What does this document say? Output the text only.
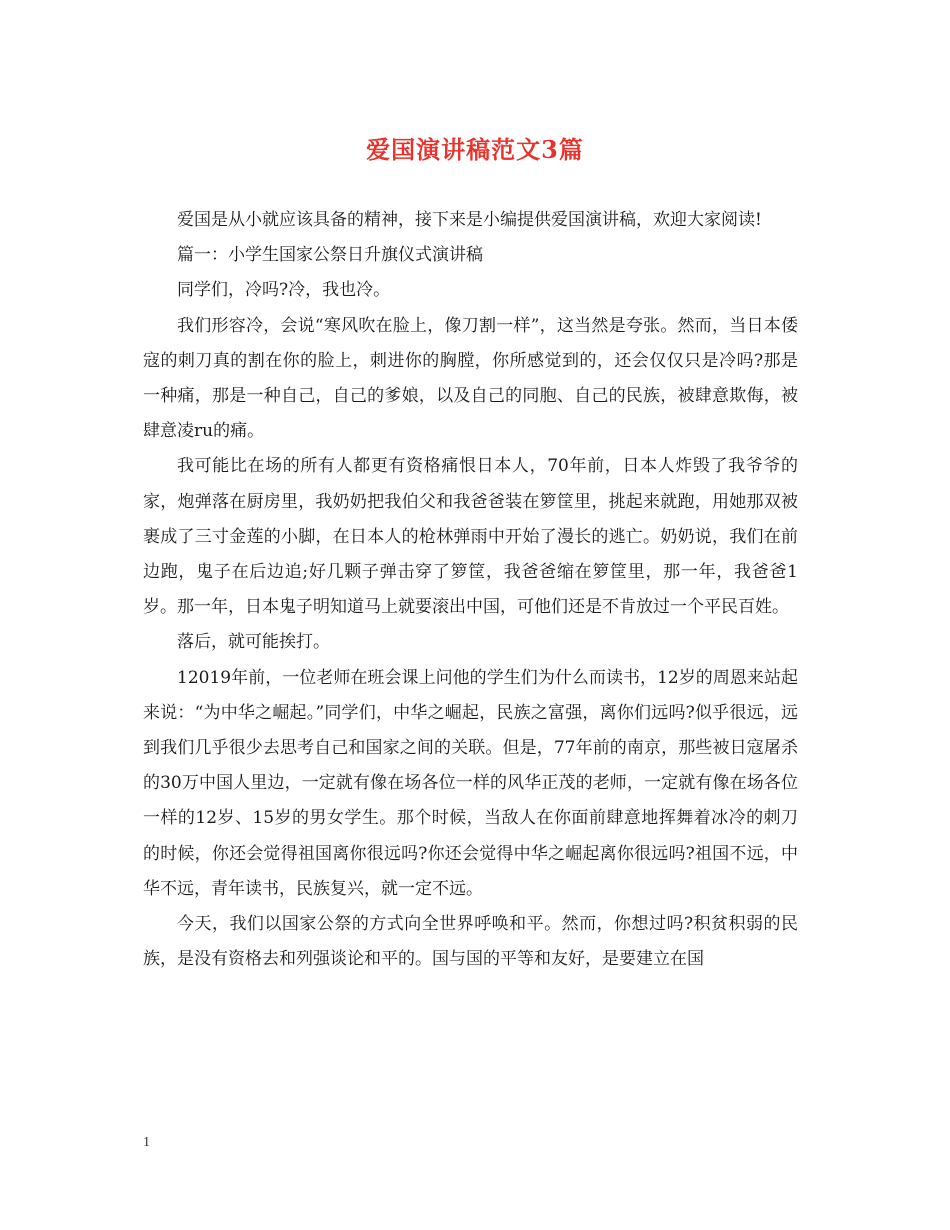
爱国演讲稿范文3篇

爱国是从小就应该具备的精神，接下来是小编提供爱国演讲稿，欢迎大家阅读!

篇一：小学生国家公祭日升旗仪式演讲稿

同学们，冷吗?冷，我也冷。

我们形容冷，会说“寒风吹在脸上，像刀割一样”，这当然是夸张。然而，当日本倭寇的刺刀真的割在你的脸上，刺进你的胸膛，你所感觉到的，还会仅仅只是冷吗?那是一种痛，那是一种自己，自己的爹娘，以及自己的同胞、自己的民族，被肆意欺侮，被肆意凌ru的痛。

我可能比在场的所有人都更有资格痛恨日本人，70年前，日本人炸毁了我爷爷的家，炮弹落在厨房里，我奶奶把我伯父和我爸爸装在箩筐里，挑起来就跑，用她那双被裹成了三寸金莲的小脚，在日本人的枪林弹雨中开始了漫长的逃亡。奶奶说，我们在前边跑，鬼子在后边追;好几颗子弹击穿了箩筐，我爸爸缩在箩筐里，那一年，我爸爸1岁。那一年，日本鬼子明知道马上就要滚出中国，可他们还是不肯放过一个平民百姓。

落后，就可能挨打。

12019年前，一位老师在班会课上问他的学生们为什么而读书，12岁的周恩来站起来说：“为中华之崛起。”同学们，中华之崛起，民族之富强，离你们远吗?似乎很远，远到我们几乎很少去思考自己和国家之间的关联。但是，77年前的南京，那些被日寇屠杀的30万中国人里边，一定就有像在场各位一样的风华正茂的老师，一定就有像在场各位一样的12岁、15岁的男女学生。那个时候，当敌人在你面前肆意地挥舞着冰冷的刺刀的时候，你还会觉得祖国离你很远吗?你还会觉得中华之崛起离你很远吗?祖国不远，中华不远，青年读书，民族复兴，就一定不远。

今天，我们以国家公祭的方式向全世界呼唤和平。然而，你想过吗?积贫积弱的民族，是没有资格去和列强谈论和平的。国与国的平等和友好，是要建立在国

1
